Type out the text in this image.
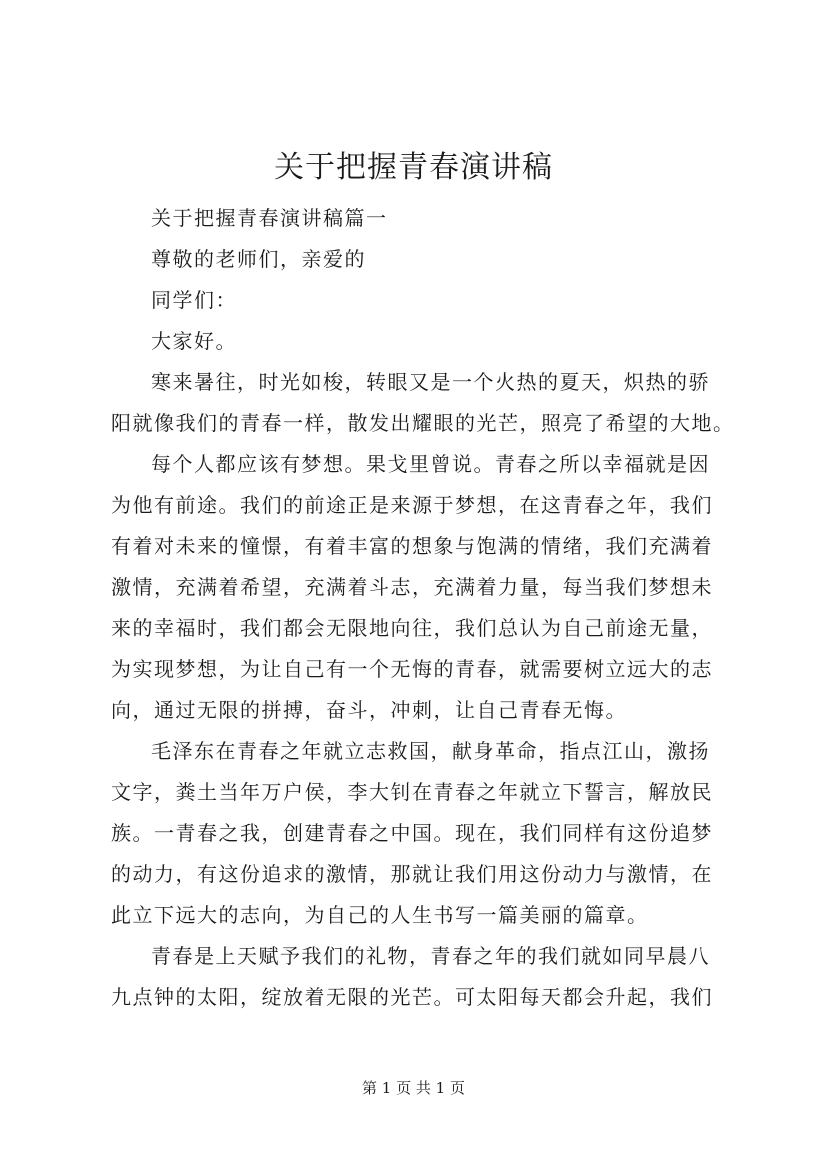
关于把握青春演讲稿
关于把握青春演讲稿篇一
尊敬的老师们，亲爱的
同学们：
大家好。
寒来暑往，时光如梭，转眼又是一个火热的夏天，炽热的骄
阳就像我们的青春一样，散发出耀眼的光芒，照亮了希望的大地。
每个人都应该有梦想。果戈里曾说。青春之所以幸福就是因
为他有前途。我们的前途正是来源于梦想，在这青春之年，我们
有着对未来的憧憬，有着丰富的想象与饱满的情绪，我们充满着
激情，充满着希望，充满着斗志，充满着力量，每当我们梦想未
来的幸福时，我们都会无限地向往，我们总认为自己前途无量，
为实现梦想，为让自己有一个无悔的青春，就需要树立远大的志
向，通过无限的拼搏，奋斗，冲刺，让自己青春无悔。
毛泽东在青春之年就立志救国，献身革命，指点江山，激扬
文字，粪土当年万户侯，李大钊在青春之年就立下誓言，解放民
族。一青春之我，创建青春之中国。现在，我们同样有这份追梦
的动力，有这份追求的激情，那就让我们用这份动力与激情，在
此立下远大的志向，为自己的人生书写一篇美丽的篇章。
青春是上天赋予我们的礼物，青春之年的我们就如同早晨八
九点钟的太阳，绽放着无限的光芒。可太阳每天都会升起，我们
第 1 页 共 1 页
